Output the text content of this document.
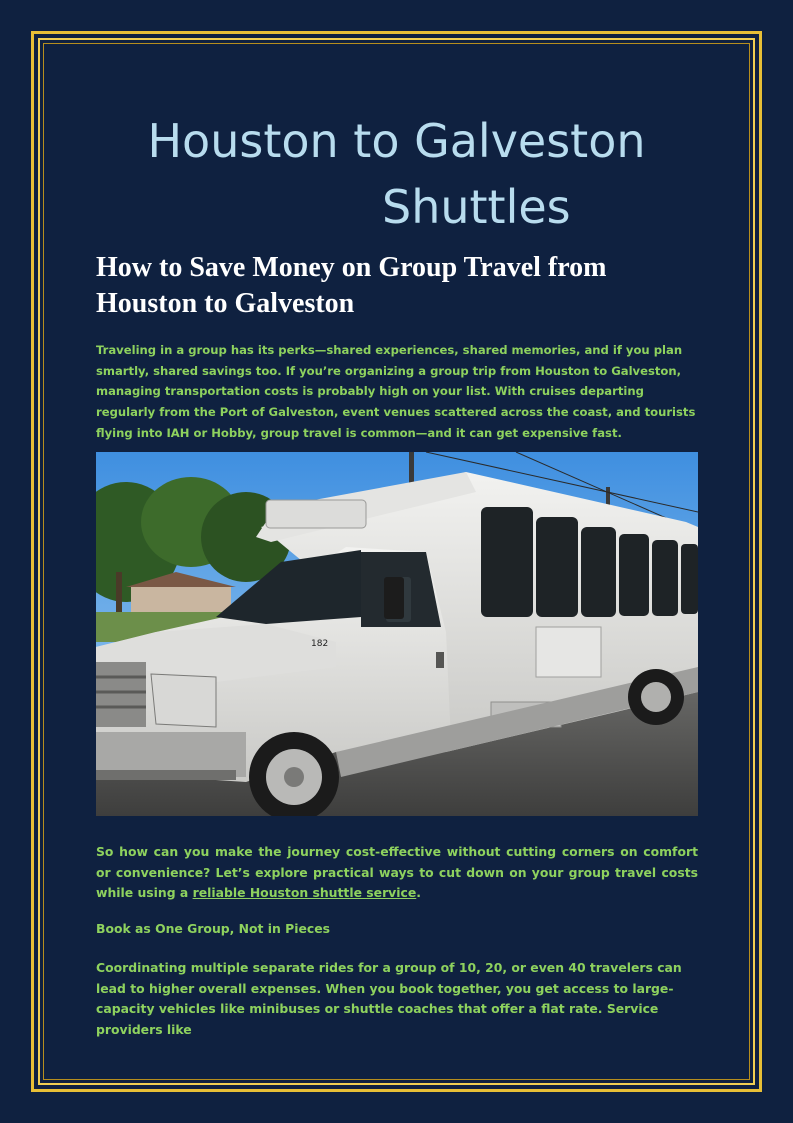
Houston to Galveston
Shuttles
How to Save Money on Group Travel from Houston to Galveston

Traveling in a group has its perks—shared experiences, shared memories, and if you plan smartly, shared savings too. If you’re organizing a group trip from Houston to Galveston, managing transportation costs is probably high on your list. With cruises departing regularly from the Port of Galveston, event venues scattered across the coast, and tourists flying into IAH or Hobby, group travel is common—and it can get expensive fast.

182

So how can you make the journey cost-effective without cutting corners on comfort or convenience? Let’s explore practical ways to cut down on your group travel costs while using a reliable Houston shuttle service.

Book as One Group, Not in Pieces

Coordinating multiple separate rides for a group of 10, 20, or even 40 travelers can lead to higher overall expenses. When you book together, you get access to large-capacity vehicles like minibuses or shuttle coaches that offer a flat rate. Service providers like
